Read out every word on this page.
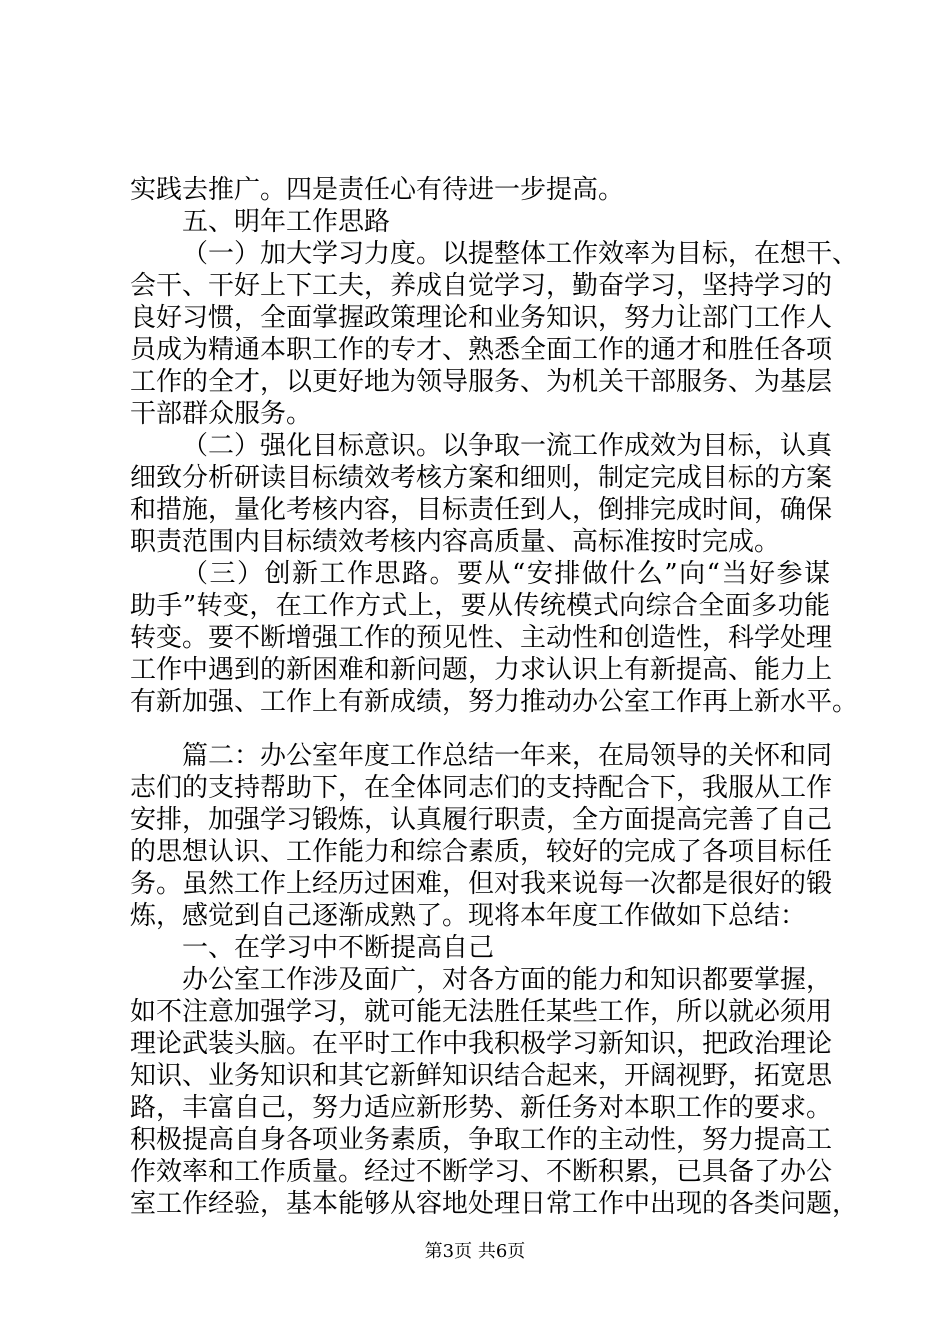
实践去推广。四是责任心有待进一步提高。
五、明年工作思路
（一）加大学习力度。以提整体工作效率为目标，在想干、
会干、干好上下工夫，养成自觉学习，勤奋学习，坚持学习的
良好习惯，全面掌握政策理论和业务知识，努力让部门工作人
员成为精通本职工作的专才、熟悉全面工作的通才和胜任各项
工作的全才，以更好地为领导服务、为机关干部服务、为基层
干部群众服务。
（二）强化目标意识。以争取一流工作成效为目标，认真
细致分析研读目标绩效考核方案和细则，制定完成目标的方案
和措施，量化考核内容，目标责任到人，倒排完成时间，确保
职责范围内目标绩效考核内容高质量、高标准按时完成。
（三）创新工作思路。要从“安排做什么”向“当好参谋
助手”转变，在工作方式上，要从传统模式向综合全面多功能
转变。要不断增强工作的预见性、主动性和创造性，科学处理
工作中遇到的新困难和新问题，力求认识上有新提高、能力上
有新加强、工作上有新成绩，努力推动办公室工作再上新水平。
篇二：办公室年度工作总结一年来，在局领导的关怀和同
志们的支持帮助下，在全体同志们的支持配合下，我服从工作
安排，加强学习锻炼，认真履行职责，全方面提高完善了自己
的思想认识、工作能力和综合素质，较好的完成了各项目标任
务。虽然工作上经历过困难，但对我来说每一次都是很好的锻
炼，感觉到自己逐渐成熟了。现将本年度工作做如下总结：
一、在学习中不断提高自己
办公室工作涉及面广，对各方面的能力和知识都要掌握，
如不注意加强学习，就可能无法胜任某些工作，所以就必须用
理论武装头脑。在平时工作中我积极学习新知识，把政治理论
知识、业务知识和其它新鲜知识结合起来，开阔视野，拓宽思
路，丰富自己，努力适应新形势、新任务对本职工作的要求。
积极提高自身各项业务素质，争取工作的主动性，努力提高工
作效率和工作质量。经过不断学习、不断积累，已具备了办公
室工作经验，基本能够从容地处理日常工作中出现的各类问题，
第3页 共6页
